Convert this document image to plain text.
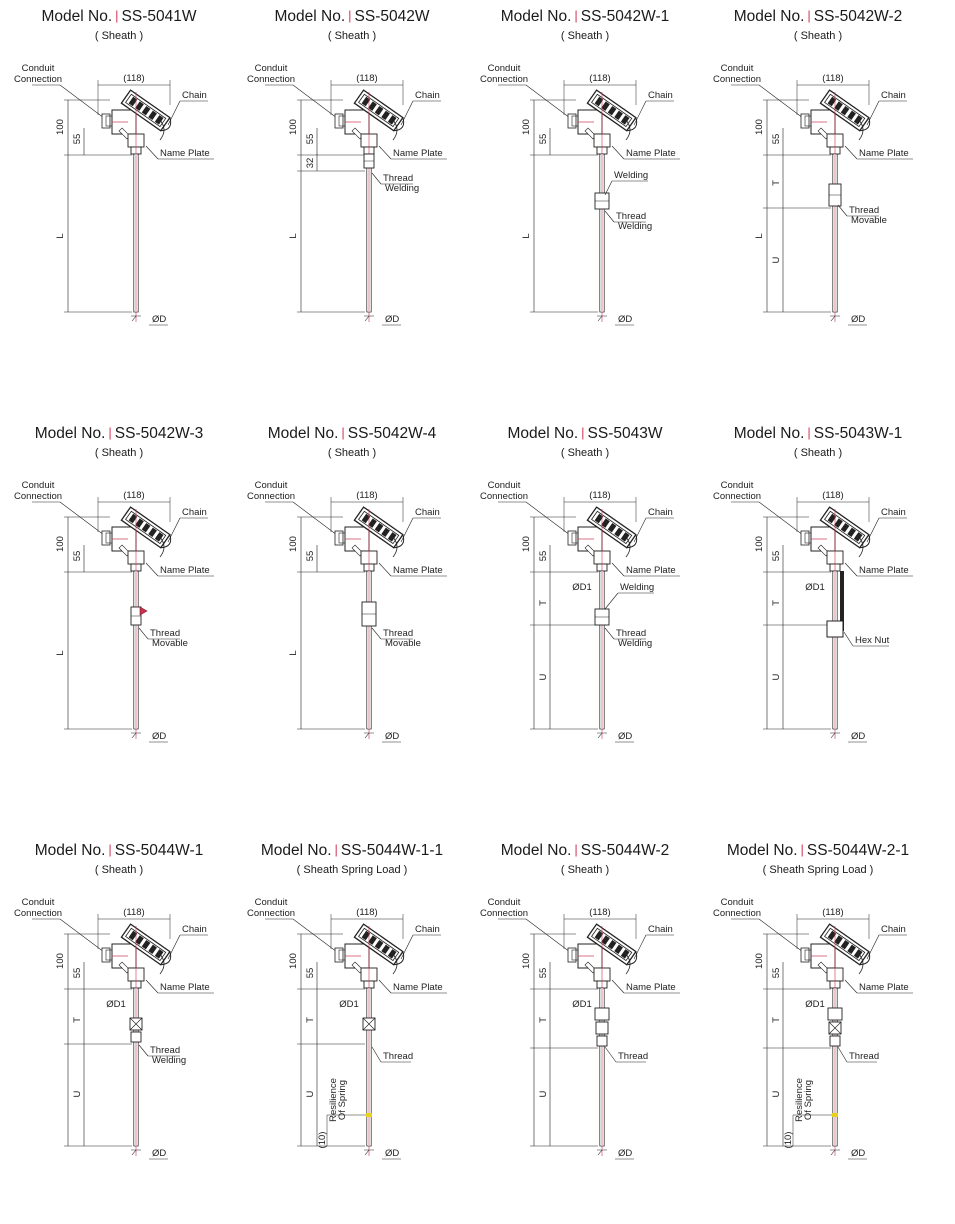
Model No. | SS-5041W
( Sheath )
Conduit
Connection	(118)
Chain
100
55
Name Plate
ØD
L
Model No. | SS-5042W
( Sheath )
Conduit
Connection	(118)
Chain
100
55
Name Plate
ØD
L
32
Thread
Welding
Model No. | SS-5042W-1
( Sheath )
Conduit
Connection	(118)
Chain
100
55
Name Plate
ØD
L
Welding
Thread
Welding
Model No. | SS-5042W-2
( Sheath )
Conduit
Connection	(118)
Chain
100
55
Name Plate
ØD
L
T
U
Thread
Movable
Model No. | SS-5042W-3
( Sheath )
Conduit
Connection	(118)
Chain
100
55
Name Plate
ØD
L
Thread
Movable
Model No. | SS-5042W-4
( Sheath )
Conduit
Connection	(118)
Chain
100
55
Name Plate
ØD
L
Thread
Movable
Model No. | SS-5043W
( Sheath )
Conduit
Connection	(118)
Chain
100
55
Name Plate
ØD
T
U
ØD1	Welding
Thread
Welding
Model No. | SS-5043W-1
( Sheath )
Conduit
Connection	(118)
Chain
100
55
Name Plate
ØD
T
U
ØD1
Hex Nut
Model No. | SS-5044W-1
( Sheath )
Conduit
Connection	(118)
Chain
100
55
Name Plate
ØD
T
U
ØD1
Thread
Welding
Model No. | SS-5044W-1-1
( Sheath Spring Load )
Conduit
Connection	(118)
Chain
100
55
Name Plate
ØD
T
U
ØD1
Thread
(10)
Resilience
Of Spring
Model No. | SS-5044W-2
( Sheath )
Conduit
Connection	(118)
Chain
100
55
Name Plate
ØD
T
U
ØD1
Thread
Model No. | SS-5044W-2-1
( Sheath Spring Load )
Conduit
Connection	(118)
Chain
100
55
Name Plate
ØD
T
U
ØD1
Thread
(10)
Resilience
Of Spring
